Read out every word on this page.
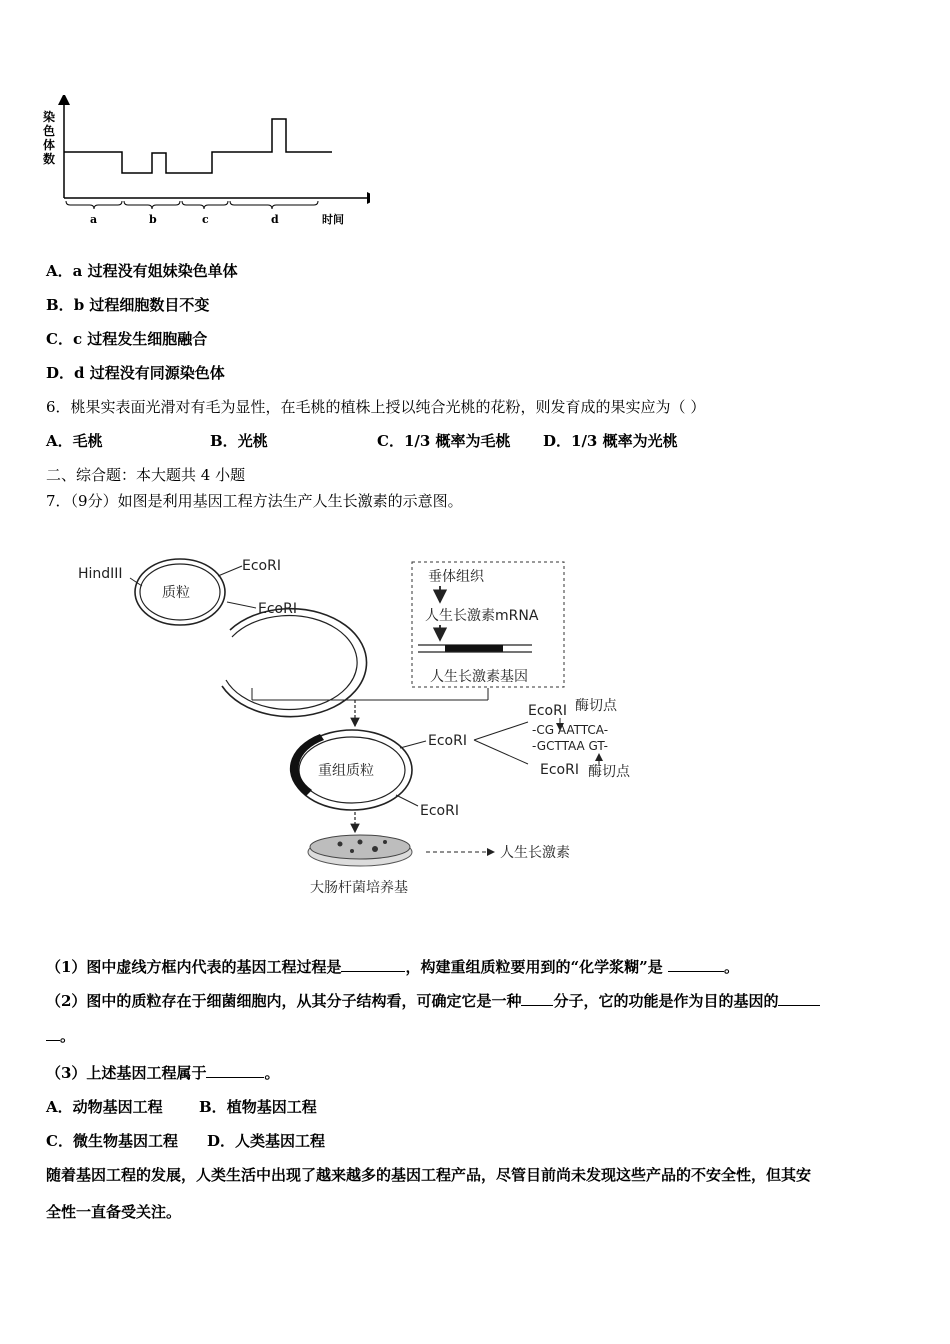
a	b	c	d	时间
染色体数
A．a 过程没有姐妹染色单体
B．b 过程细胞数目不变
C．c 过程发生细胞融合
D．d 过程没有同源染色体
6．桃果实表面光滑对有毛为显性，在毛桃的植株上授以纯合光桃的花粉，则发育成的果实应为（ ）
A．毛桃	B．光桃	C．1/3 概率为毛桃 D．1/3 概率为光桃
二、综合题：本大题共 4 小题
7．（9分）如图是利用基因工程方法生产人生长激素的示意图。
质粒
HindIII	EcoRI
EcoRI
垂体组织
人生长激素mRNA
人生长激素基因
重组质粒
EcoRI
EcoRI
EcoRI 酶切点
-CG AATTCA-
-GCTTAA GT-
EcoRI 酶切点
大肠杆菌培养基
人生长激素
（1）图中虚线方框内代表的基因工程过程是	，构建重组质粒要用到的“化学浆糊”是	。
（2）图中的质粒存在于细菌细胞内，从其分子结构看，可确定它是一种 分子，它的功能是作为目的基因的
。
（3）上述基因工程属于	。
A．动物基因工程 B．植物基因工程
C．微生物基因工程 D．人类基因工程
随着基因工程的发展，人类生活中出现了越来越多的基因工程产品，尽管目前尚未发现这些产品的不安全性，但其安
全性一直备受关注。
